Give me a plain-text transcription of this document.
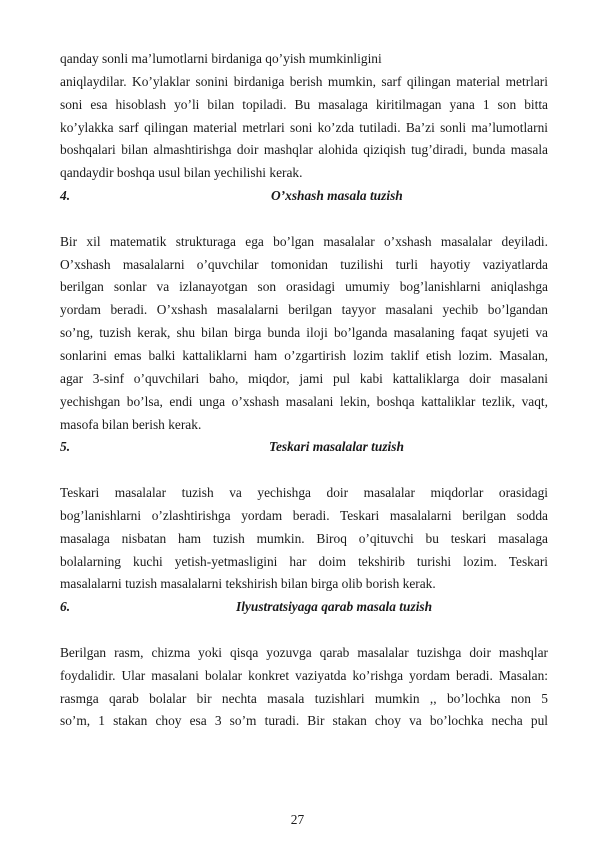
qanday sonli ma’lumotlarni birdaniga qo’yish mumkinligini
aniqlaydilar. Ko’ylaklar sonini birdaniga berish mumkin, sarf qilingan material metrlari
soni esa hisoblash yo’li bilan topiladi. Bu masalaga kiritilmagan yana 1 son bitta
ko’ylakka sarf qilingan material metrlari soni ko’zda tutiladi. Ba’zi sonli ma’lumotlarni
boshqalari bilan almashtirishga doir mashqlar alohida qiziqish tug’diradi, bunda masala
qandaydir boshqa usul bilan yechilishi kerak.
4.	O’xshash masala tuzish
Bir xil matematik strukturaga ega bo’lgan masalalar o’xshash masalalar deyiladi.
O’xshash masalalarni o’quvchilar tomonidan tuzilishi turli hayotiy vaziyatlarda
berilgan sonlar va izlanayotgan son orasidagi umumiy bog’lanishlarni aniqlashga
yordam beradi. O’xshash masalalarni berilgan tayyor masalani yechib bo’lgandan
so’ng, tuzish kerak, shu bilan birga bunda iloji bo’lganda masalaning faqat syujeti va
sonlarini emas balki kattaliklarni ham o’zgartirish lozim taklif etish lozim. Masalan,
agar 3-sinf o’quvchilari baho, miqdor, jami pul kabi kattaliklarga doir masalani
yechishgan bo’lsa, endi unga o’xshash masalani lekin, boshqa kattaliklar tezlik, vaqt,
masofa bilan berish kerak.
5.	Teskari masalalar tuzish
Teskari masalalar tuzish va yechishga doir masalalar miqdorlar orasidagi
bog’lanishlarni o’zlashtirishga yordam beradi. Teskari masalalarni berilgan sodda
masalaga nisbatan ham tuzish mumkin. Biroq o’qituvchi bu teskari masalaga
bolalarning kuchi yetish-yetmasligini har doim tekshirib turishi lozim. Teskari
masalalarni tuzish masalalarni tekshirish bilan birga olib borish kerak.
6.	Ilyustratsiyaga qarab masala tuzish
Berilgan rasm, chizma yoki qisqa yozuvga qarab masalalar tuzishga doir mashqlar
foydalidir. Ular masalani bolalar konkret vaziyatda ko’rishga yordam beradi. Masalan:
rasmga qarab bolalar bir nechta masala tuzishlari mumkin ,, bo’lochka non 5
so’m, 1 stakan choy esa 3 so’m turadi. Bir stakan choy va bo’lochka necha pul
27
